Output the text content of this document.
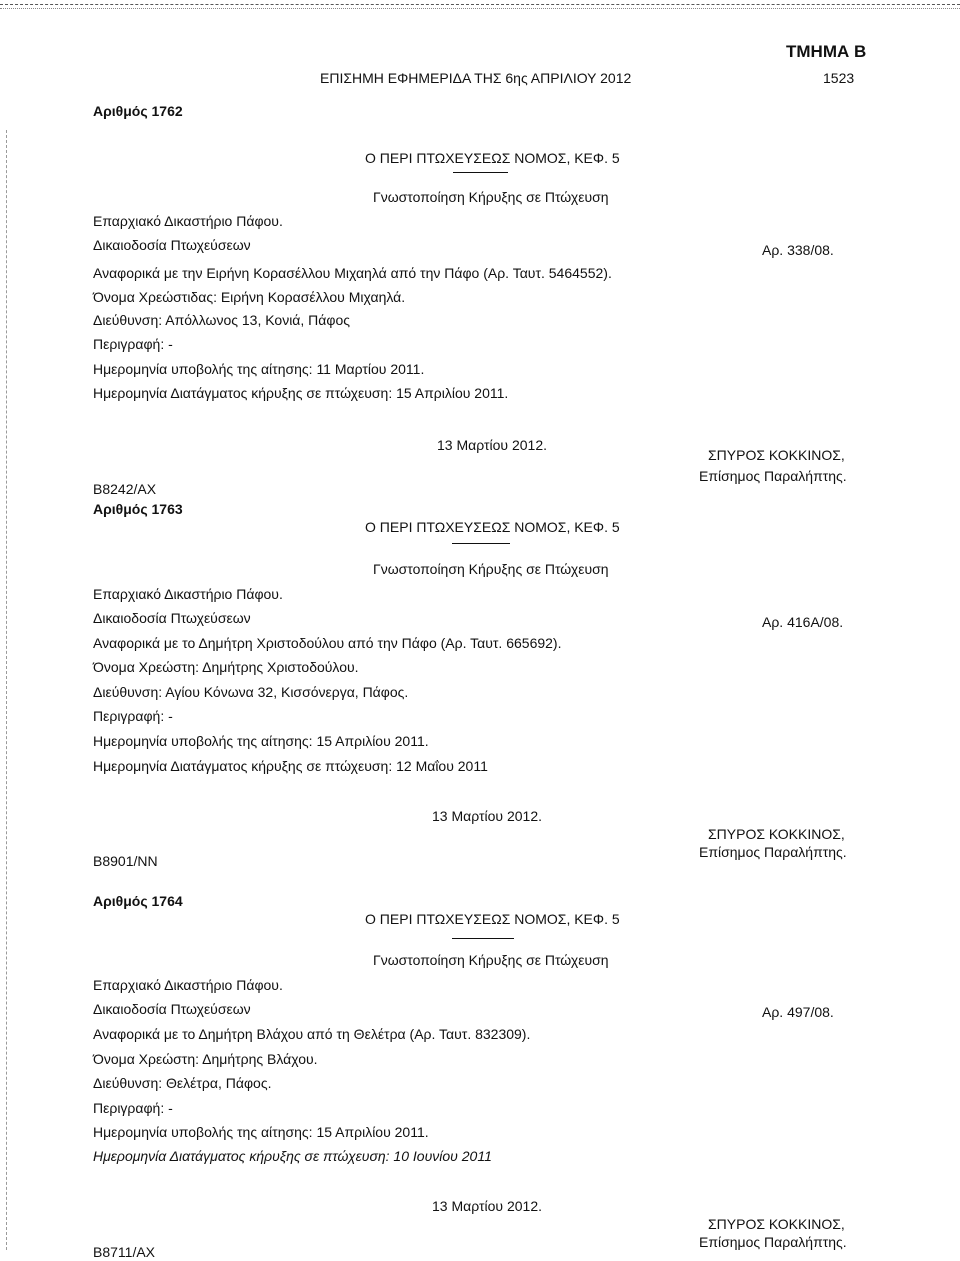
ΤΜΗΜΑ Β
ΕΠΙΣΗΜΗ ΕΦΗΜΕΡΙΔΑ ΤΗΣ 6ης ΑΠΡΙΛΙΟΥ 2012	1523
Αριθμός 1762
Ο ΠΕΡΙ ΠΤΩΧΕΥΣΕΩΣ ΝΟΜΟΣ, ΚΕΦ. 5
Γνωστοποίηση Κήρυξης σε Πτώχευση
Επαρχιακό Δικαστήριο Πάφου.
Δικαιοδοσία Πτωχεύσεων	Αρ. 338/08.
Αναφορικά με την Ειρήνη Κορασέλλου Μιχαηλά από την Πάφο (Αρ. Ταυτ. 5464552).
Όνομα Χρεώστιδας: Ειρήνη Κορασέλλου Μιχαηλά.
Διεύθυνση: Απόλλωνος 13, Κονιά, Πάφος
Περιγραφή: -
Ημερομηνία υποβολής της αίτησης: 11 Μαρτίου 2011.
Ημερομηνία Διατάγματος κήρυξης σε πτώχευση: 15 Απριλίου 2011.
13 Μαρτίου 2012.
ΣΠΥΡΟΣ ΚΟΚΚΙΝΟΣ,
Επίσημος Παραλήπτης.
Β8242/ΑΧ
Αριθμός 1763
Ο ΠΕΡΙ ΠΤΩΧΕΥΣΕΩΣ ΝΟΜΟΣ, ΚΕΦ. 5
Γνωστοποίηση Κήρυξης σε Πτώχευση
Επαρχιακό Δικαστήριο Πάφου.
Δικαιοδοσία Πτωχεύσεων	Αρ. 416Α/08.
Αναφορικά με το Δημήτρη Χριστοδούλου από την Πάφο (Αρ. Ταυτ. 665692).
Όνομα Χρεώστη: Δημήτρης Χριστοδούλου.
Διεύθυνση: Αγίου Κόνωνα 32, Κισσόνεργα, Πάφος.
Περιγραφή: -
Ημερομηνία υποβολής της αίτησης: 15 Απριλίου 2011.
Ημερομηνία Διατάγματος κήρυξης σε πτώχευση: 12 Μαΐου 2011
13 Μαρτίου 2012.
ΣΠΥΡΟΣ ΚΟΚΚΙΝΟΣ,
Επίσημος Παραλήπτης.
Β8901/ΝΝ
Αριθμός 1764
Ο ΠΕΡΙ ΠΤΩΧΕΥΣΕΩΣ ΝΟΜΟΣ, ΚΕΦ. 5
Γνωστοποίηση Κήρυξης σε Πτώχευση
Επαρχιακό Δικαστήριο Πάφου.
Δικαιοδοσία Πτωχεύσεων	Αρ. 497/08.
Αναφορικά με το Δημήτρη Βλάχου από τη Θελέτρα (Αρ. Ταυτ. 832309).
Όνομα Χρεώστη: Δημήτρης Βλάχου.
Διεύθυνση: Θελέτρα, Πάφος.
Περιγραφή: -
Ημερομηνία υποβολής της αίτησης: 15 Απριλίου 2011.
Ημερομηνία Διατάγματος κήρυξης σε πτώχευση: 10 Ιουνίου 2011
13 Μαρτίου 2012.
ΣΠΥΡΟΣ ΚΟΚΚΙΝΟΣ,
Επίσημος Παραλήπτης.
Β8711/ΑΧ
